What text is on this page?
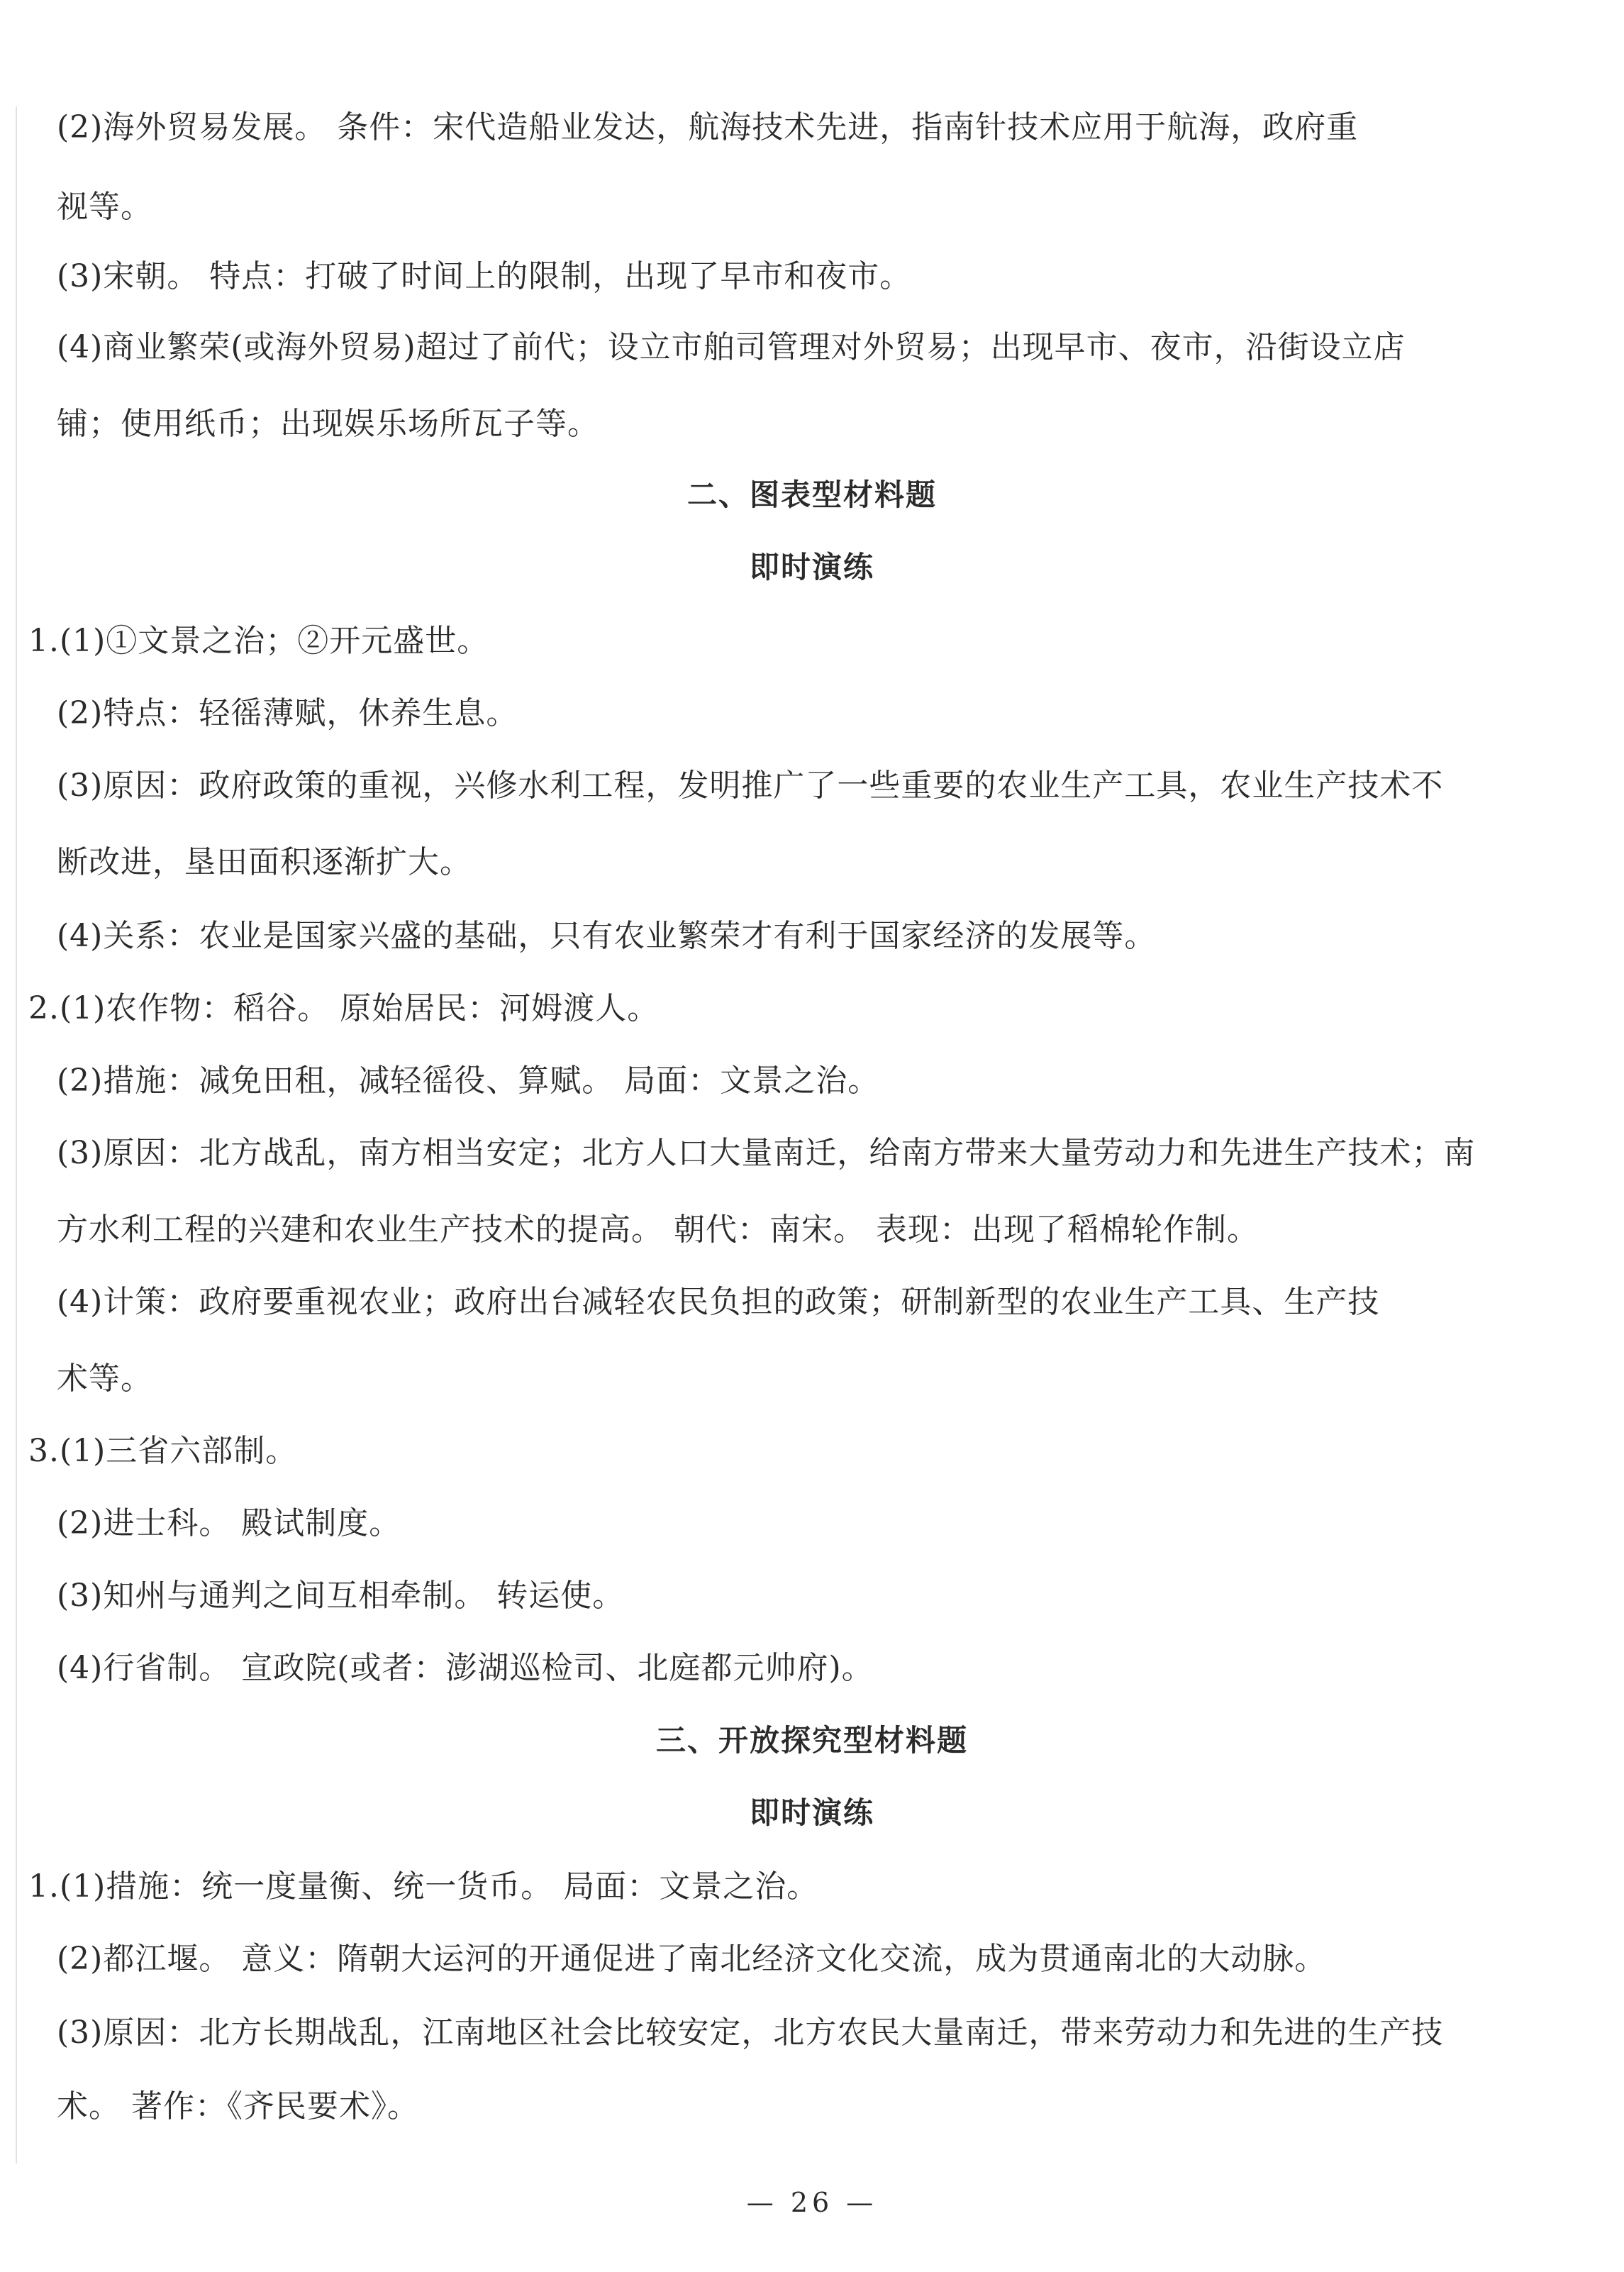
(2)海外贸易发展。 条件：宋代造船业发达，航海技术先进，指南针技术应用于航海，政府重
视等。
(3)宋朝。 特点：打破了时间上的限制，出现了早市和夜市。
(4)商业繁荣(或海外贸易)超过了前代；设立市舶司管理对外贸易；出现早市、夜市，沿街设立店
铺；使用纸币；出现娱乐场所瓦子等。
二、图表型材料题
即时演练
1.(1)①文景之治；②开元盛世。
(2)特点：轻徭薄赋，休养生息。
(3)原因：政府政策的重视，兴修水利工程，发明推广了一些重要的农业生产工具，农业生产技术不
断改进，垦田面积逐渐扩大。
(4)关系：农业是国家兴盛的基础，只有农业繁荣才有利于国家经济的发展等。
2.(1)农作物：稻谷。 原始居民：河姆渡人。
(2)措施：减免田租，减轻徭役、算赋。 局面：文景之治。
(3)原因：北方战乱，南方相当安定；北方人口大量南迁，给南方带来大量劳动力和先进生产技术；南
方水利工程的兴建和农业生产技术的提高。 朝代：南宋。 表现：出现了稻棉轮作制。
(4)计策：政府要重视农业；政府出台减轻农民负担的政策；研制新型的农业生产工具、生产技
术等。
3.(1)三省六部制。
(2)进士科。 殿试制度。
(3)知州与通判之间互相牵制。 转运使。
(4)行省制。 宣政院(或者：澎湖巡检司、北庭都元帅府)。
三、开放探究型材料题
即时演练
1.(1)措施：统一度量衡、统一货币。 局面：文景之治。
(2)都江堰。 意义：隋朝大运河的开通促进了南北经济文化交流，成为贯通南北的大动脉。
(3)原因：北方长期战乱，江南地区社会比较安定，北方农民大量南迁，带来劳动力和先进的生产技
术。 著作：《齐民要术》。
— 26 —
